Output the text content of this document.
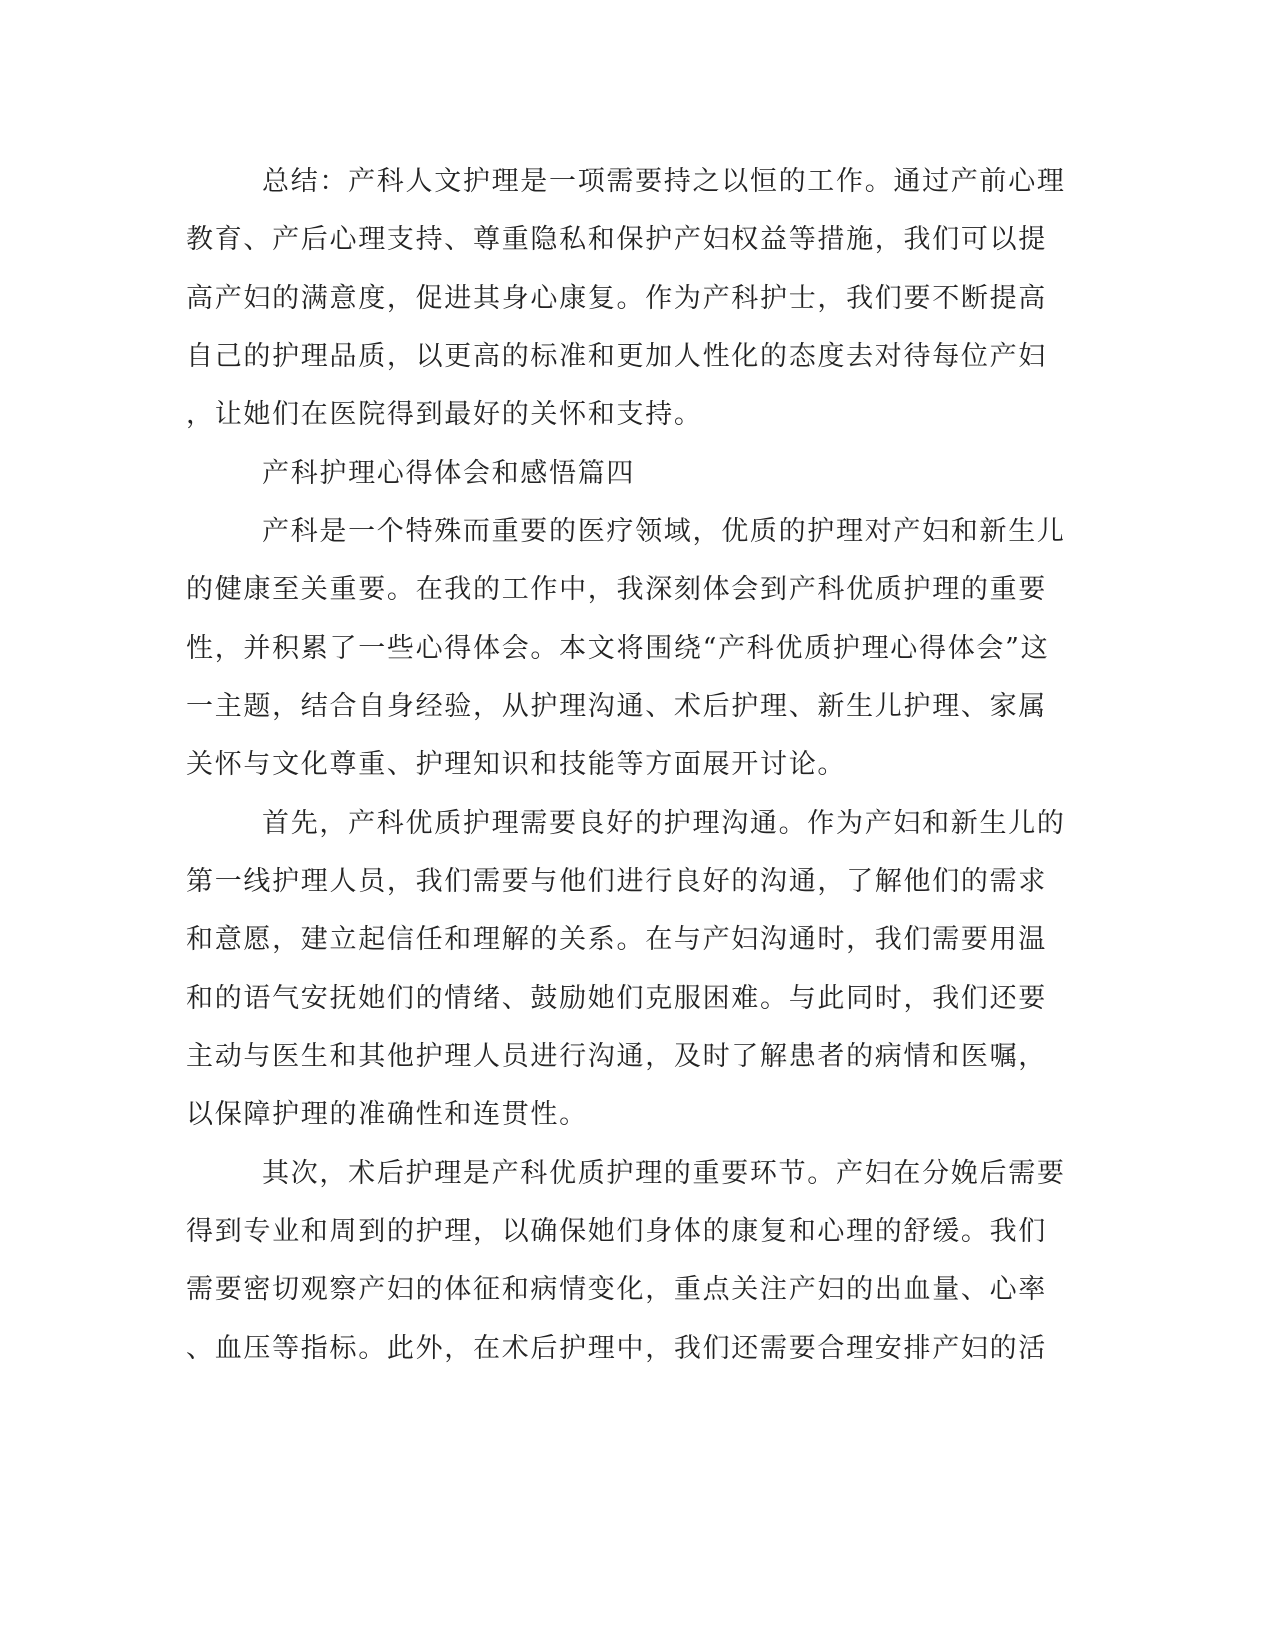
总结：产科人文护理是一项需要持之以恒的工作。通过产前心理
教育、产后心理支持、尊重隐私和保护产妇权益等措施，我们可以提
高产妇的满意度，促进其身心康复。作为产科护士，我们要不断提高
自己的护理品质，以更高的标准和更加人性化的态度去对待每位产妇
，让她们在医院得到最好的关怀和支持。
产科护理心得体会和感悟篇四
产科是一个特殊而重要的医疗领域，优质的护理对产妇和新生儿
的健康至关重要。在我的工作中，我深刻体会到产科优质护理的重要
性，并积累了一些心得体会。本文将围绕“产科优质护理心得体会”这
一主题，结合自身经验，从护理沟通、术后护理、新生儿护理、家属
关怀与文化尊重、护理知识和技能等方面展开讨论。
首先，产科优质护理需要良好的护理沟通。作为产妇和新生儿的
第一线护理人员，我们需要与他们进行良好的沟通，了解他们的需求
和意愿，建立起信任和理解的关系。在与产妇沟通时，我们需要用温
和的语气安抚她们的情绪、鼓励她们克服困难。与此同时，我们还要
主动与医生和其他护理人员进行沟通，及时了解患者的病情和医嘱，
以保障护理的准确性和连贯性。
其次，术后护理是产科优质护理的重要环节。产妇在分娩后需要
得到专业和周到的护理，以确保她们身体的康复和心理的舒缓。我们
需要密切观察产妇的体征和病情变化，重点关注产妇的出血量、心率
、血压等指标。此外，在术后护理中，我们还需要合理安排产妇的活
